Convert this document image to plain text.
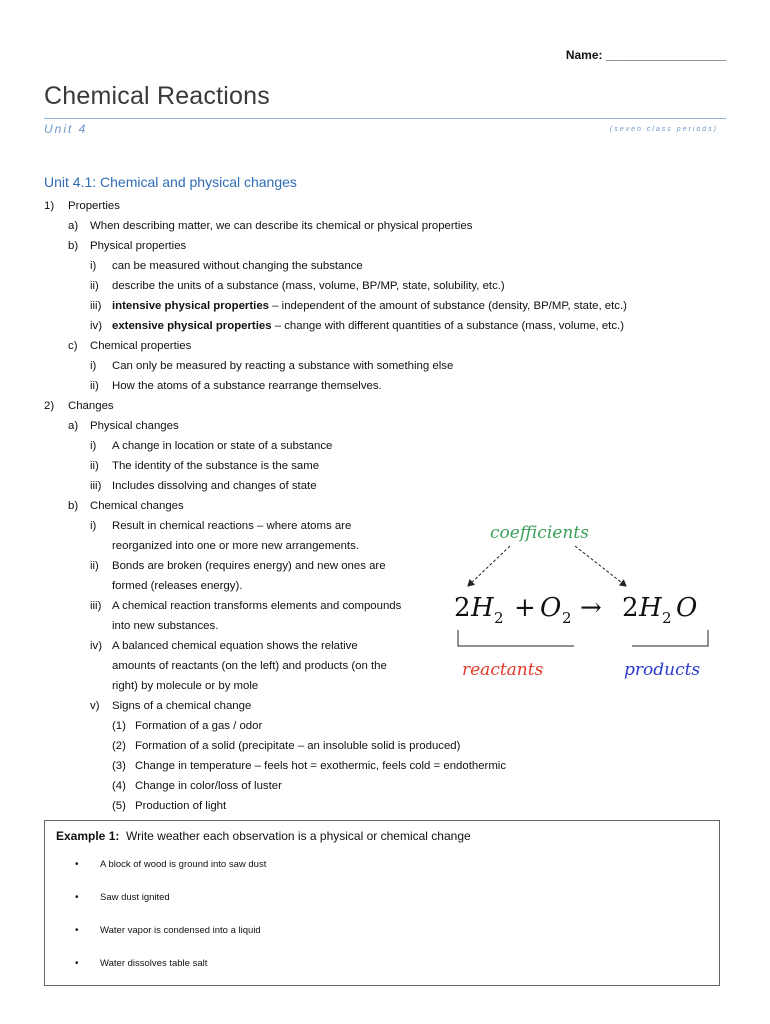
Name: __________________
Chemical Reactions
Unit 4	(seven class periods)
Unit 4.1: Chemical and physical changes
1) Properties
a) When describing matter, we can describe its chemical or physical properties
b) Physical properties
i) can be measured without changing the substance
ii) describe the units of a substance (mass, volume, BP/MP, state, solubility, etc.)
iii) intensive physical properties – independent of the amount of substance (density, BP/MP, state, etc.)
iv) extensive physical properties – change with different quantities of a substance (mass, volume, etc.)
c) Chemical properties
i) Can only be measured by reacting a substance with something else
ii) How the atoms of a substance rearrange themselves.
2) Changes
a) Physical changes
i) A change in location or state of a substance
ii) The identity of the substance is the same
iii) Includes dissolving and changes of state
b) Chemical changes
i) Result in chemical reactions – where atoms are
reorganized into one or more new arrangements.
ii) Bonds are broken (requires energy) and new ones are
formed (releases energy).
iii) A chemical reaction transforms elements and compounds
into new substances.
iv) A balanced chemical equation shows the relative
amounts of reactants (on the left) and products (on the
right) by molecule or by mole
v) Signs of a chemical change
(1) Formation of a gas / odor
(2) Formation of a solid (precipitate – an insoluble solid is produced)
(3) Change in temperature – feels hot = exothermic, feels cold = endothermic
(4) Change in color/loss of luster
(5) Production of light
coefficients
2 H 2 + O 2 → 2 H 2 O
reactants	products
Example 1: Write weather each observation is a physical or chemical change
• A block of wood is ground into saw dust
• Saw dust ignited
• Water vapor is condensed into a liquid
• Water dissolves table salt
